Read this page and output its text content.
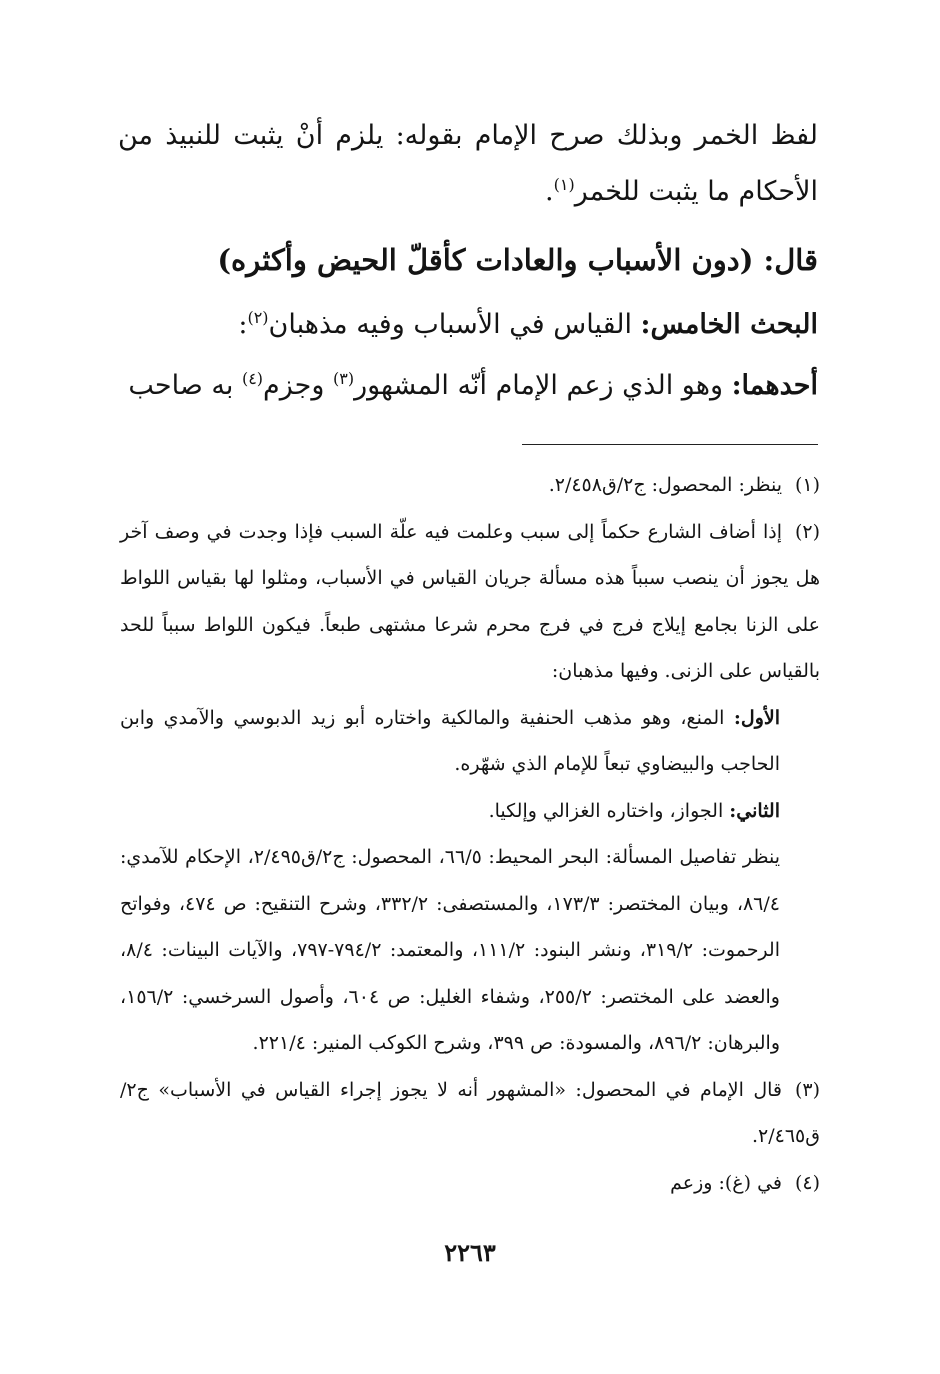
لفظ الخمر وبذلك صرح الإمام بقوله: يلزم أنْ يثبت للنبيذ من الأحكام ما يثبت للخمر$^{(١)}$.

قال: (دون الأسباب والعادات كأقلّ الحيض وأكثره)

البحث الخامس: القياس في الأسباب وفيه مذهبان$^{(٢)}$:

أحدهما: وهو الذي زعم الإمام أنّه المشهور$^{(٣)}$ وجزم$^{(٤)}$ به صاحب

(١)ينظر: المحصول: ج٢/ق٢/٤٥٨.

(٢)إذا أضاف الشارع حكماً إلى سبب وعلمت فيه علّة السبب فإذا وجدت في وصف آخر هل يجوز أن ينصب سبباً هذه مسألة جريان القياس في الأسباب، ومثلوا لها بقياس اللواط على الزنا بجامع إيلاج فرج في فرج محرم شرعا مشتهى طبعاً. فيكون اللواط سبباً للحد بالقياس على الزنى. وفيها مذهبان:

الأول: المنع، وهو مذهب الحنفية والمالكية واختاره أبو زيد الدبوسي والآمدي وابن الحاجب والبيضاوي تبعاً للإمام الذي شهّره.

الثاني: الجواز، واختاره الغزالي وإلكيا.

ينظر تفاصيل المسألة: البحر المحيط: ٦٦/٥، المحصول: ج٢/ق٢/٤٩٥، الإحكام للآمدي: ٨٦/٤، وبيان المختصر: ١٧٣/٣، والمستصفى: ٣٣٢/٢، وشرح التنقيح: ص ٤٧٤، وفواتح الرحموت: ٣١٩/٢، ونشر البنود: ١١١/٢، والمعتمد: ٧٩٤/٢-٧٩٧، والآيات البينات: ٨/٤، والعضد على المختصر: ٢٥٥/٢، وشفاء الغليل: ص ٦٠٤، وأصول السرخسي: ١٥٦/٢، والبرهان: ٨٩٦/٢، والمسودة: ص ٣٩٩، وشرح الكوكب المنير: ٢٢١/٤.

(٣)قال الإمام في المحصول: «المشهور أنه لا يجوز إجراء القياس في الأسباب» ج٢/ق٢/٤٦٥.

(٤)في (غ): وزعم

٢٢٦٣
